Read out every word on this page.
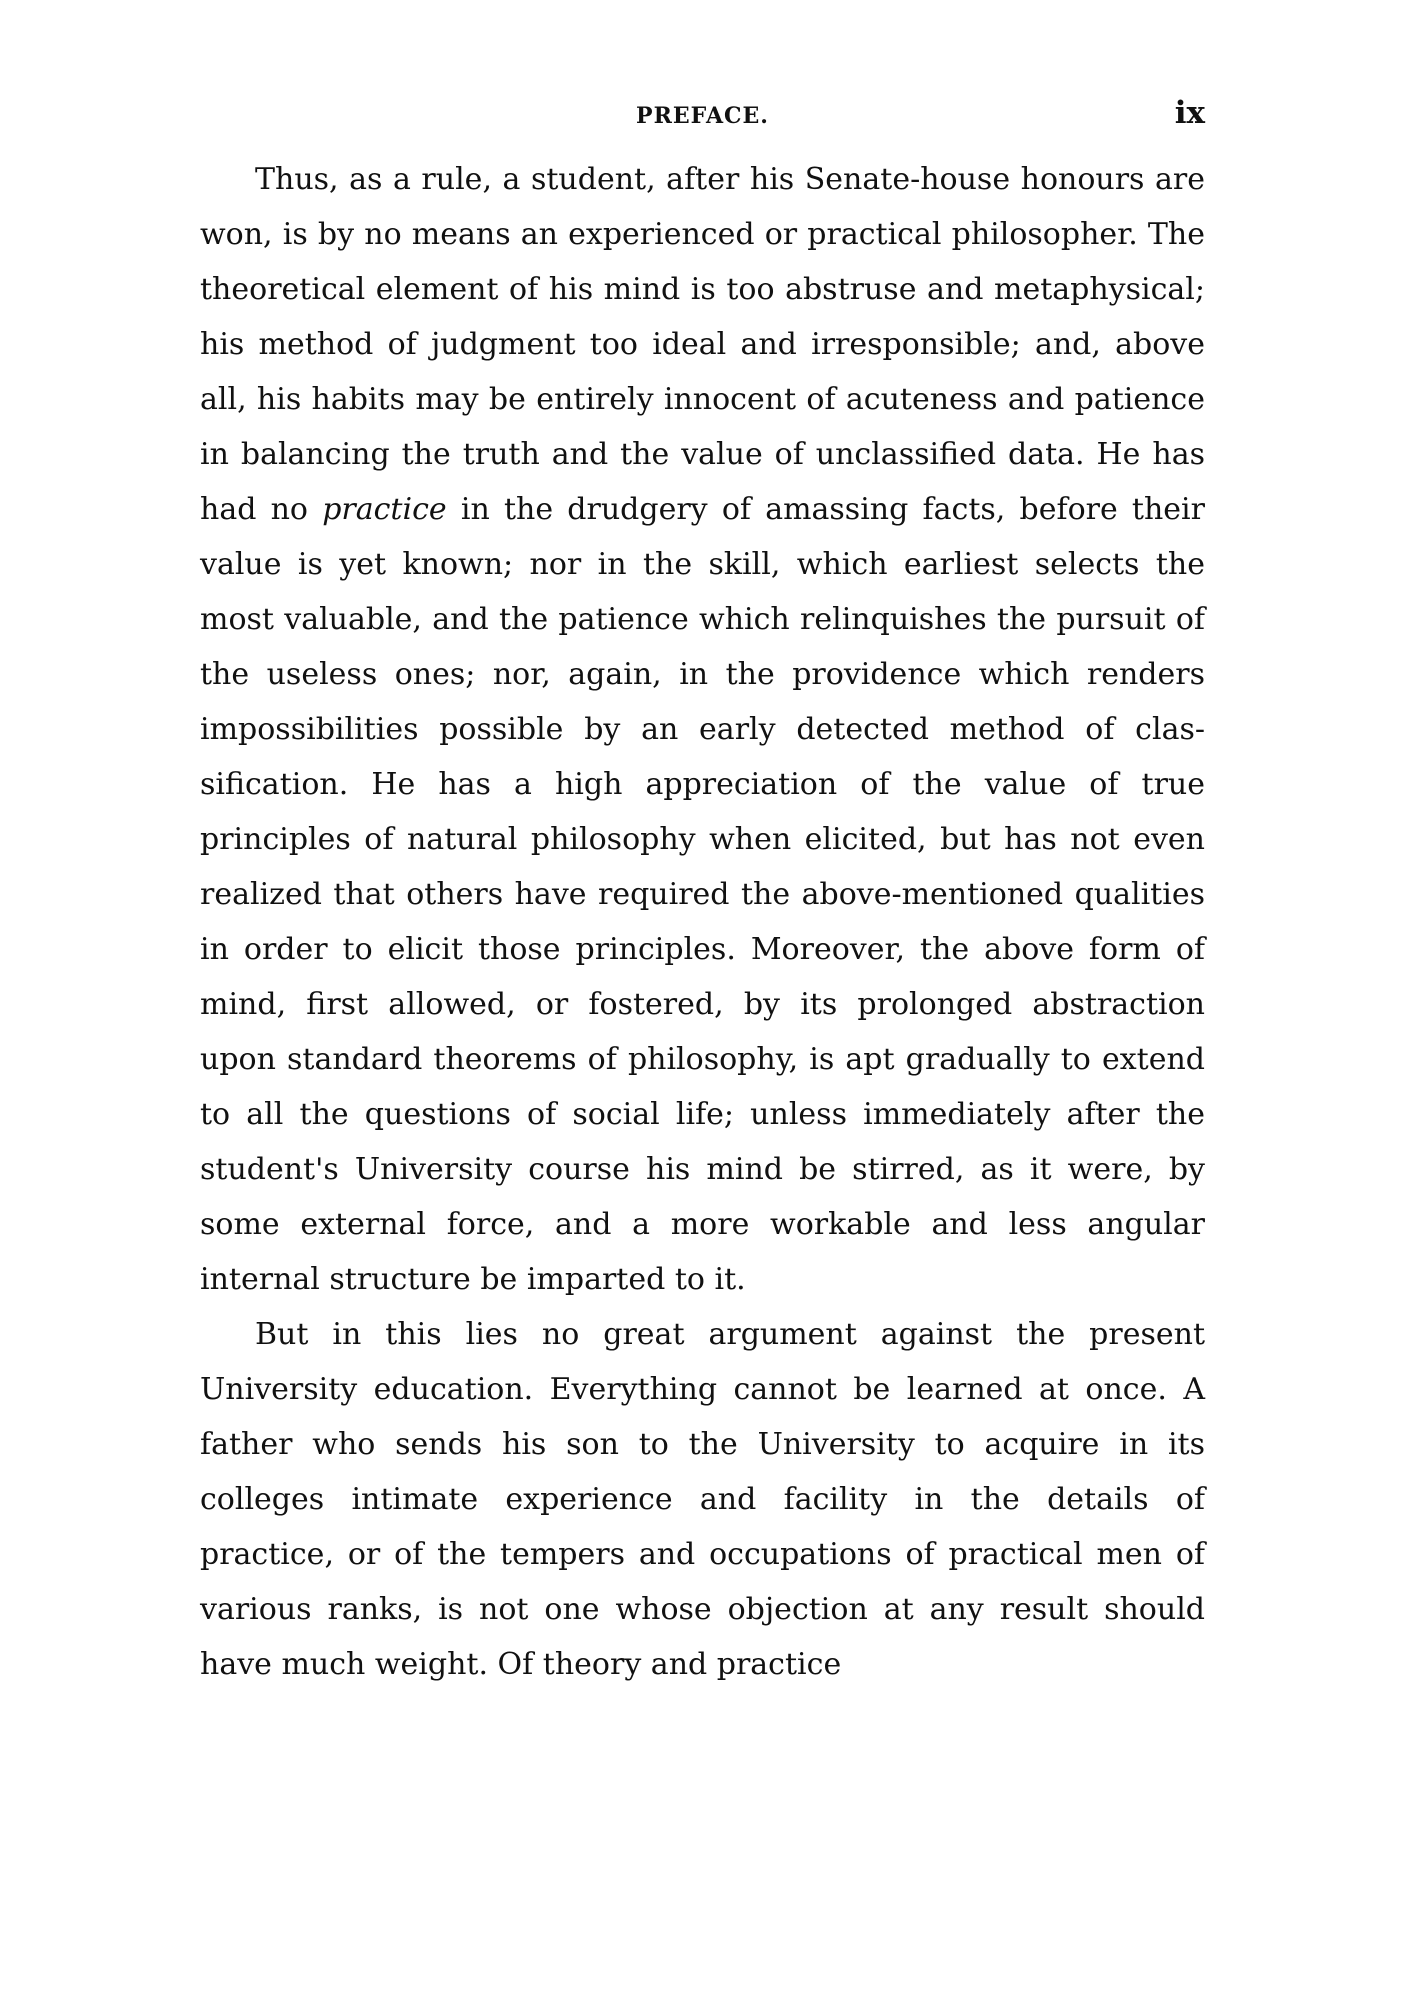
PREFACE.	ix

Thus, as a rule, a student, after his Senate-house honours are won, is by no means an experienced or practical philosopher. The theoretical element of his mind is too abstruse and metaphysical; his method of judgment too ideal and irresponsible; and, above all, his habits may be entirely innocent of acuteness and patience in balancing the truth and the value of unclassified data. He has had no practice in the drudgery of amassing facts, before their value is yet known; nor in the skill, which earliest selects the most valuable, and the patience which relinquishes the pursuit of the useless ones; nor, again, in the providence which renders impossibilities possible by an early detected method of classification. He has a high appreciation of the value of true principles of natural philosophy when elicited, but has not even realized that others have required the above-mentioned qualities in order to elicit those principles. Moreover, the above form of mind, first allowed, or fostered, by its prolonged abstraction upon standard theorems of philosophy, is apt gradually to extend to all the questions of social life; unless immediately after the student's University course his mind be stirred, as it were, by some external force, and a more workable and less angular internal structure be imparted to it.

But in this lies no great argument against the present University education. Everything cannot be learned at once. A father who sends his son to the University to acquire in its colleges intimate experience and facility in the details of practice, or of the tempers and occupations of practical men of various ranks, is not one whose objection at any result should have much weight. Of theory and practice
